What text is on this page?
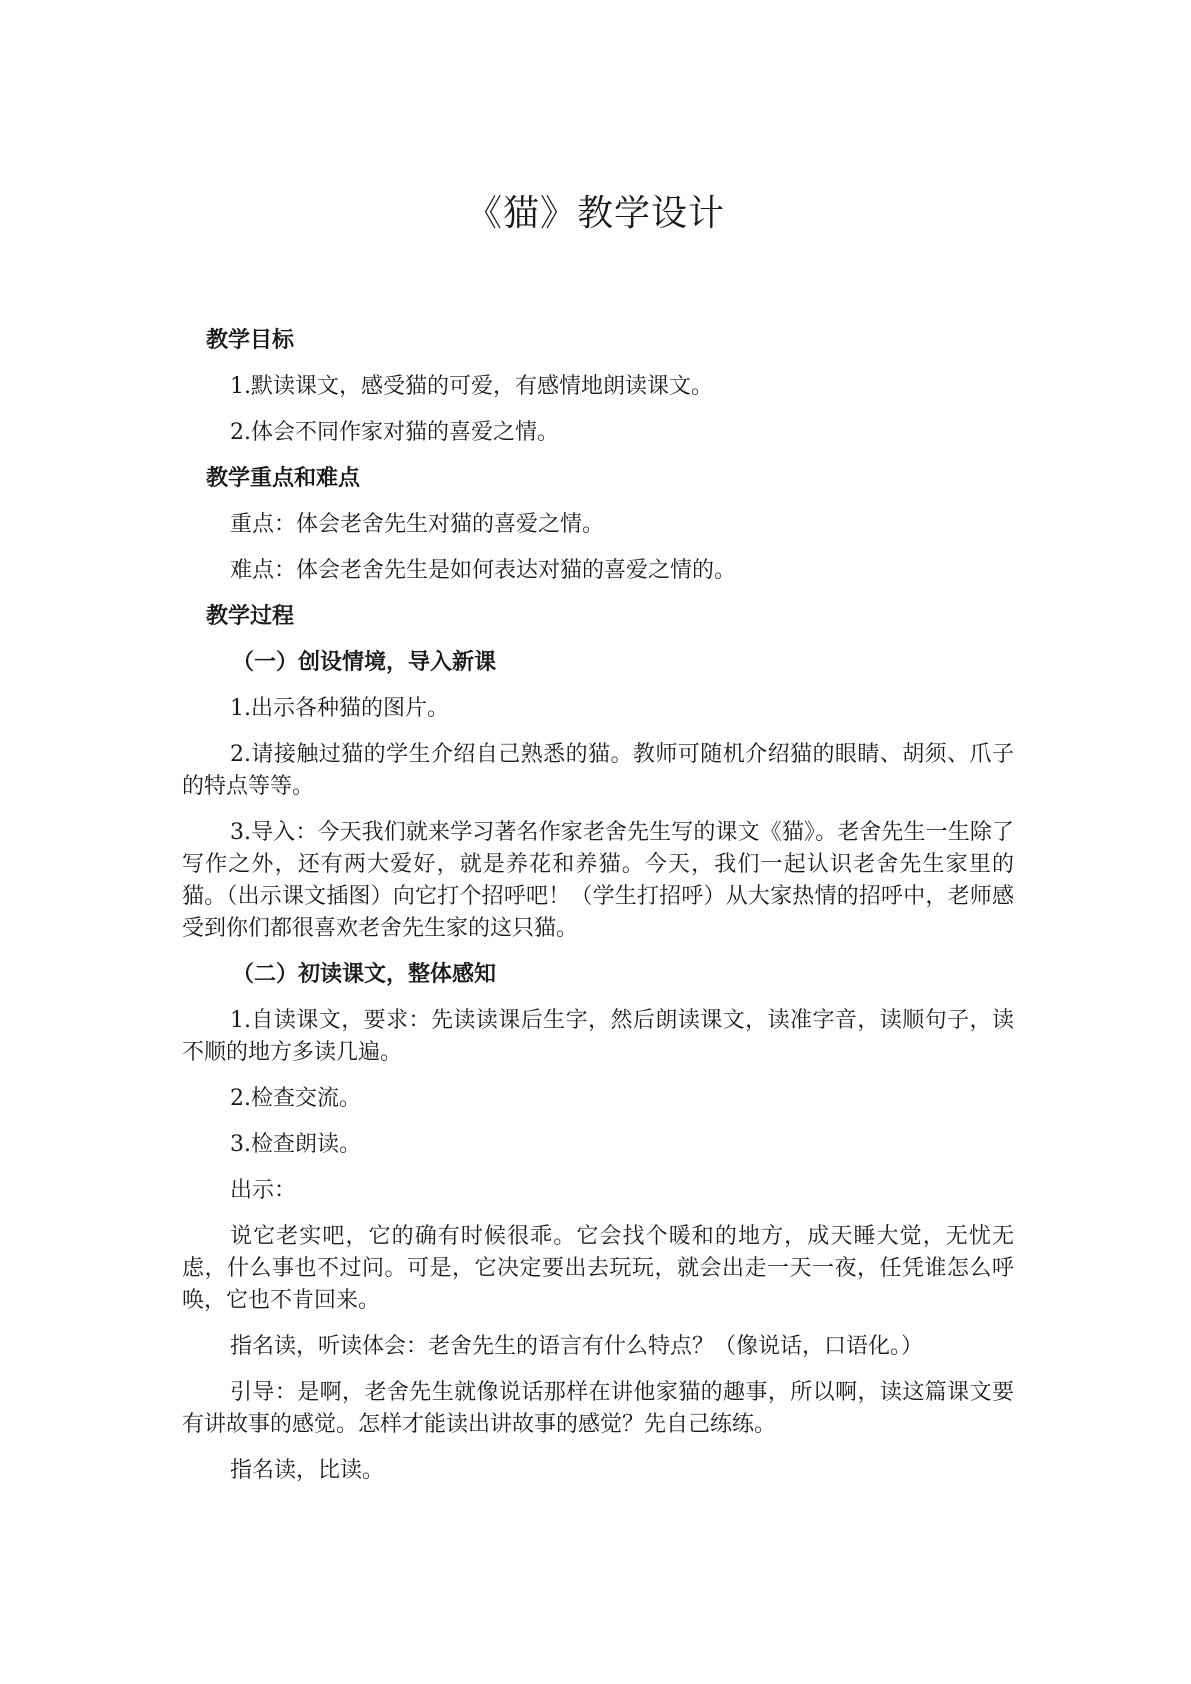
《猫》教学设计
教学目标

1.默读课文，感受猫的可爱，有感情地朗读课文。

2.体会不同作家对猫的喜爱之情。

教学重点和难点

重点：体会老舍先生对猫的喜爱之情。

难点：体会老舍先生是如何表达对猫的喜爱之情的。

教学过程
（一）创设情境，导入新课

1.出示各种猫的图片。

2.请接触过猫的学生介绍自己熟悉的猫。教师可随机介绍猫的眼睛、胡须、爪子的特点等等。

3.导入：今天我们就来学习著名作家老舍先生写的课文《猫》。老舍先生一生除了写作之外，还有两大爱好，就是养花和养猫。今天，我们一起认识老舍先生家里的猫。（出示课文插图）向它打个招呼吧！（学生打招呼）从大家热情的招呼中，老师感受到你们都很喜欢老舍先生家的这只猫。

（二）初读课文，整体感知

1.自读课文，要求：先读读课后生字，然后朗读课文，读准字音，读顺句子，读不顺的地方多读几遍。

2.检查交流。

3.检查朗读。

出示：

说它老实吧，它的确有时候很乖。它会找个暖和的地方，成天睡大觉，无忧无虑，什么事也不过问。可是，它决定要出去玩玩，就会出走一天一夜，任凭谁怎么呼唤，它也不肯回来。

指名读，听读体会：老舍先生的语言有什么特点？（像说话，口语化。）

引导：是啊，老舍先生就像说话那样在讲他家猫的趣事，所以啊，读这篇课文要有讲故事的感觉。怎样才能读出讲故事的感觉？先自己练练。

指名读，比读。
